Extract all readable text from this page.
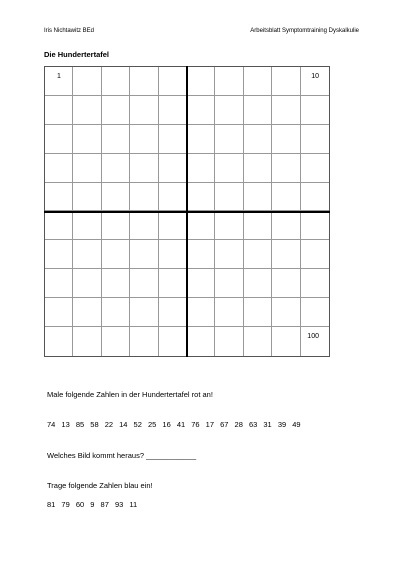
Iris Nichtawitz BEd	Arbeitsblatt Symptomtraining Dyskalkulie
Die Hundertertafel
1	10
100
Male folgende Zahlen in der Hundertertafel rot an!
74 13 85 58 22 14 52 25 16 41 76 17 67 28 63 31 39 49
Welches Bild kommt heraus? ____________
Trage folgende Zahlen blau ein!
81 79 60 9 87 93 11
